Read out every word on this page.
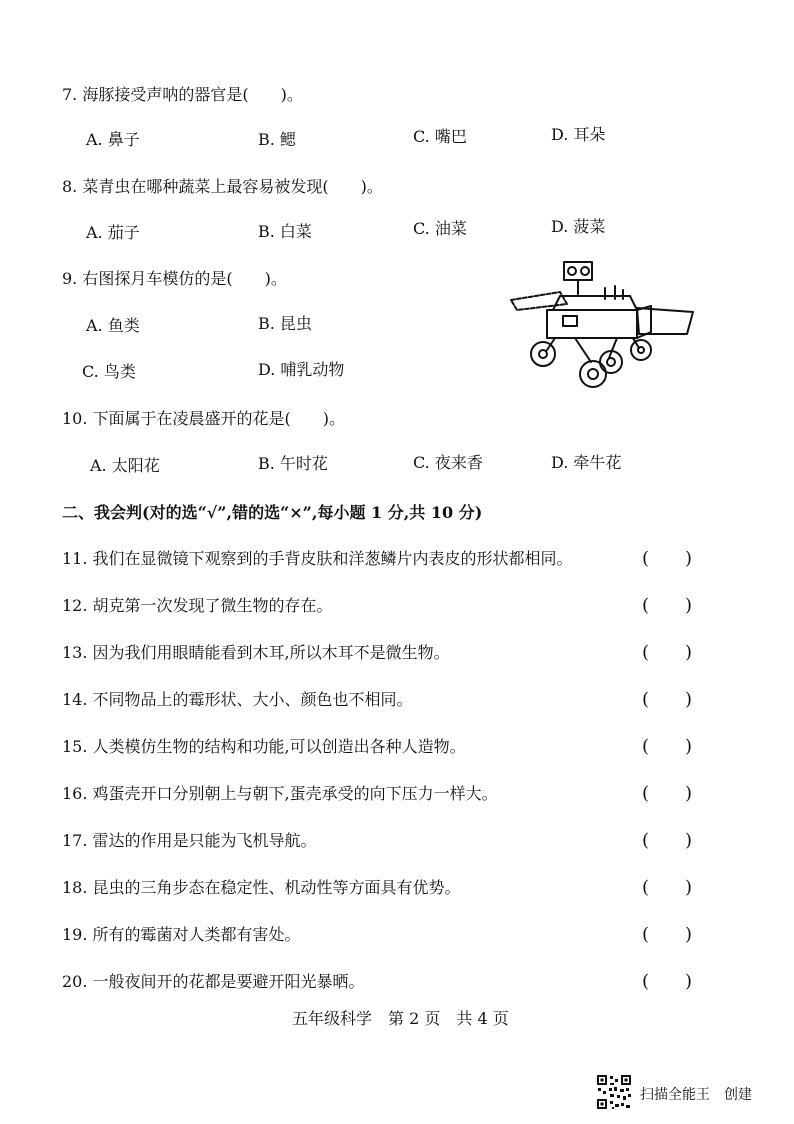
7. 海豚接受声呐的器官是(　　)。
A. 鼻子	B. 鳃	C. 嘴巴	D. 耳朵
8. 菜青虫在哪种蔬菜上最容易被发现(　　)。
A. 茄子	B. 白菜	C. 油菜	D. 菠菜
9. 右图探月车模仿的是(　　)。
A. 鱼类	B. 昆虫
C. 鸟类	D. 哺乳动物
10. 下面属于在凌晨盛开的花是(　　)。
A. 太阳花	B. 午时花	C. 夜来香	D. 牵牛花
二、我会判(对的选“√”,错的选“×”,每小题 1 分,共 10 分)
11. 我们在显微镜下观察到的手背皮肤和洋葱鳞片内表皮的形状都相同。	(　　)
12. 胡克第一次发现了微生物的存在。	(　　)
13. 因为我们用眼睛能看到木耳,所以木耳不是微生物。	(　　)
14. 不同物品上的霉形状、大小、颜色也不相同。	(　　)
15. 人类模仿生物的结构和功能,可以创造出各种人造物。	(　　)
16. 鸡蛋壳开口分别朝上与朝下,蛋壳承受的向下压力一样大。	(　　)
17. 雷达的作用是只能为飞机导航。	(　　)
18. 昆虫的三角步态在稳定性、机动性等方面具有优势。	(　　)
19. 所有的霉菌对人类都有害处。	(　　)
20. 一般夜间开的花都是要避开阳光暴晒。	(　　)
五年级科学　第 2 页　共 4 页
扫描全能王　创建
